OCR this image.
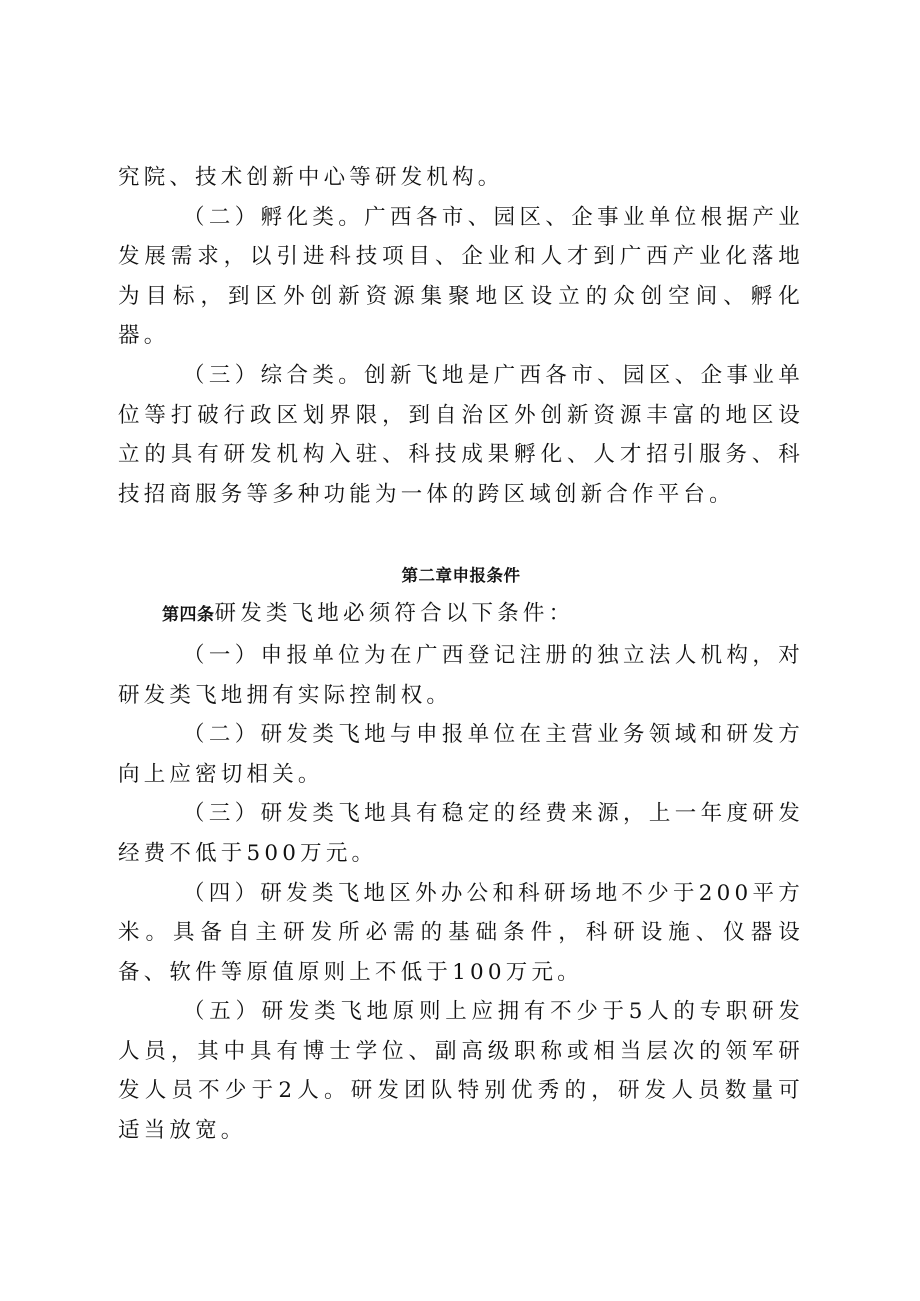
究院、技术创新中心等研发机构。

（二）孵化类。广西各市、园区、企事业单位根据产业发展需求，以引进科技项目、企业和人才到广西产业化落地为目标，到区外创新资源集聚地区设立的众创空间、孵化器。

（三）综合类。创新飞地是广西各市、园区、企事业单位等打破行政区划界限，到自治区外创新资源丰富的地区设立的具有研发机构入驻、科技成果孵化、人才招引服务、科技招商服务等多种功能为一体的跨区域创新合作平台。

第二章申报条件

第四条研发类飞地必须符合以下条件：

（一）申报单位为在广西登记注册的独立法人机构，对研发类飞地拥有实际控制权。

（二）研发类飞地与申报单位在主营业务领域和研发方向上应密切相关。

（三）研发类飞地具有稳定的经费来源，上一年度研发经费不低于500万元。

（四）研发类飞地区外办公和科研场地不少于200平方米。具备自主研发所必需的基础条件，科研设施、仪器设备、软件等原值原则上不低于100万元。

（五）研发类飞地原则上应拥有不少于5人的专职研发人员，其中具有博士学位、副高级职称或相当层次的领军研发人员不少于2人。研发团队特别优秀的，研发人员数量可适当放宽。
